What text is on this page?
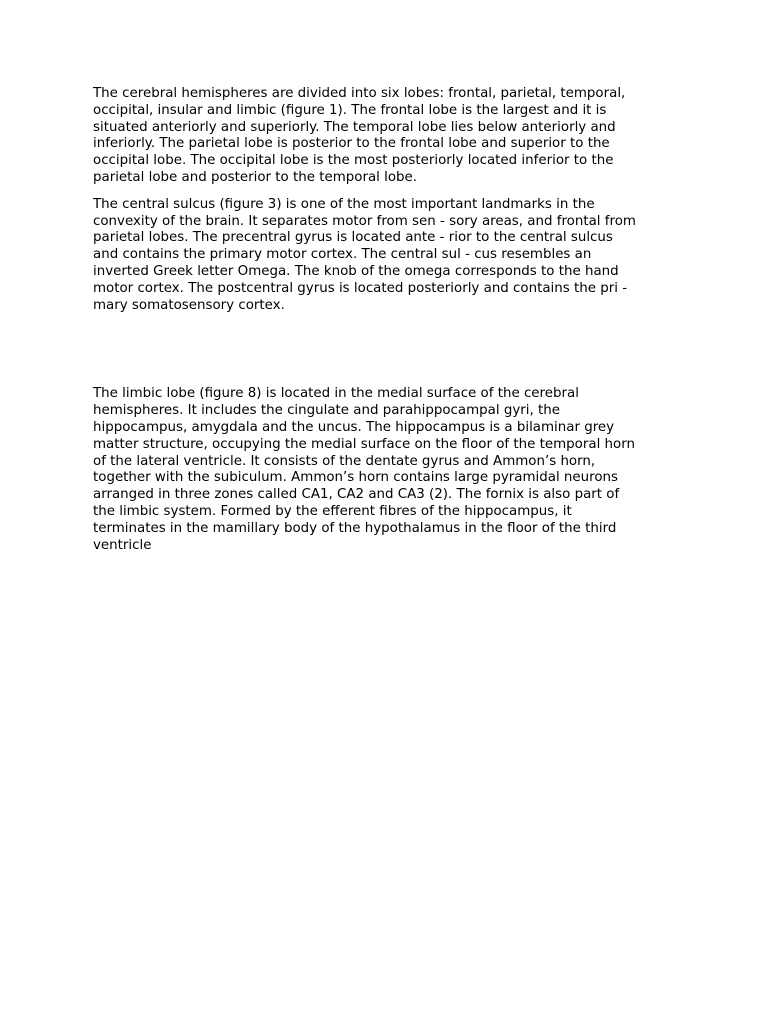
The cerebral hemispheres are divided into six lobes: frontal, parietal, temporal,
occipital, insular and limbic (figure 1). The frontal lobe is the largest and it is
situated anteriorly and superiorly. The temporal lobe lies below anteriorly and
inferiorly. The parietal lobe is posterior to the frontal lobe and superior to the
occipital lobe. The occipital lobe is the most posteriorly located inferior to the
parietal lobe and posterior to the temporal lobe.

The central sulcus (figure 3) is one of the most important landmarks in the
convexity of the brain. It separates motor from sen - sory areas, and frontal from
parietal lobes. The precentral gyrus is located ante - rior to the central sulcus
and contains the primary motor cortex. The central sul - cus resembles an
inverted Greek letter Omega. The knob of the omega corresponds to the hand
motor cortex. The postcentral gyrus is located posteriorly and contains the pri -
mary somatosensory cortex.

The limbic lobe (figure 8) is located in the medial surface of the cerebral
hemispheres. It includes the cingulate and parahippocampal gyri, the
hippocampus, amygdala and the uncus. The hippocampus is a bilaminar grey
matter structure, occupying the medial surface on the floor of the temporal horn
of the lateral ventricle. It consists of the dentate gyrus and Ammon’s horn,
together with the subiculum. Ammon’s horn contains large pyramidal neurons
arranged in three zones called CA1, CA2 and CA3 (2). The fornix is also part of
the limbic system. Formed by the efferent fibres of the hippocampus, it
terminates in the mamillary body of the hypothalamus in the floor of the third
ventricle
